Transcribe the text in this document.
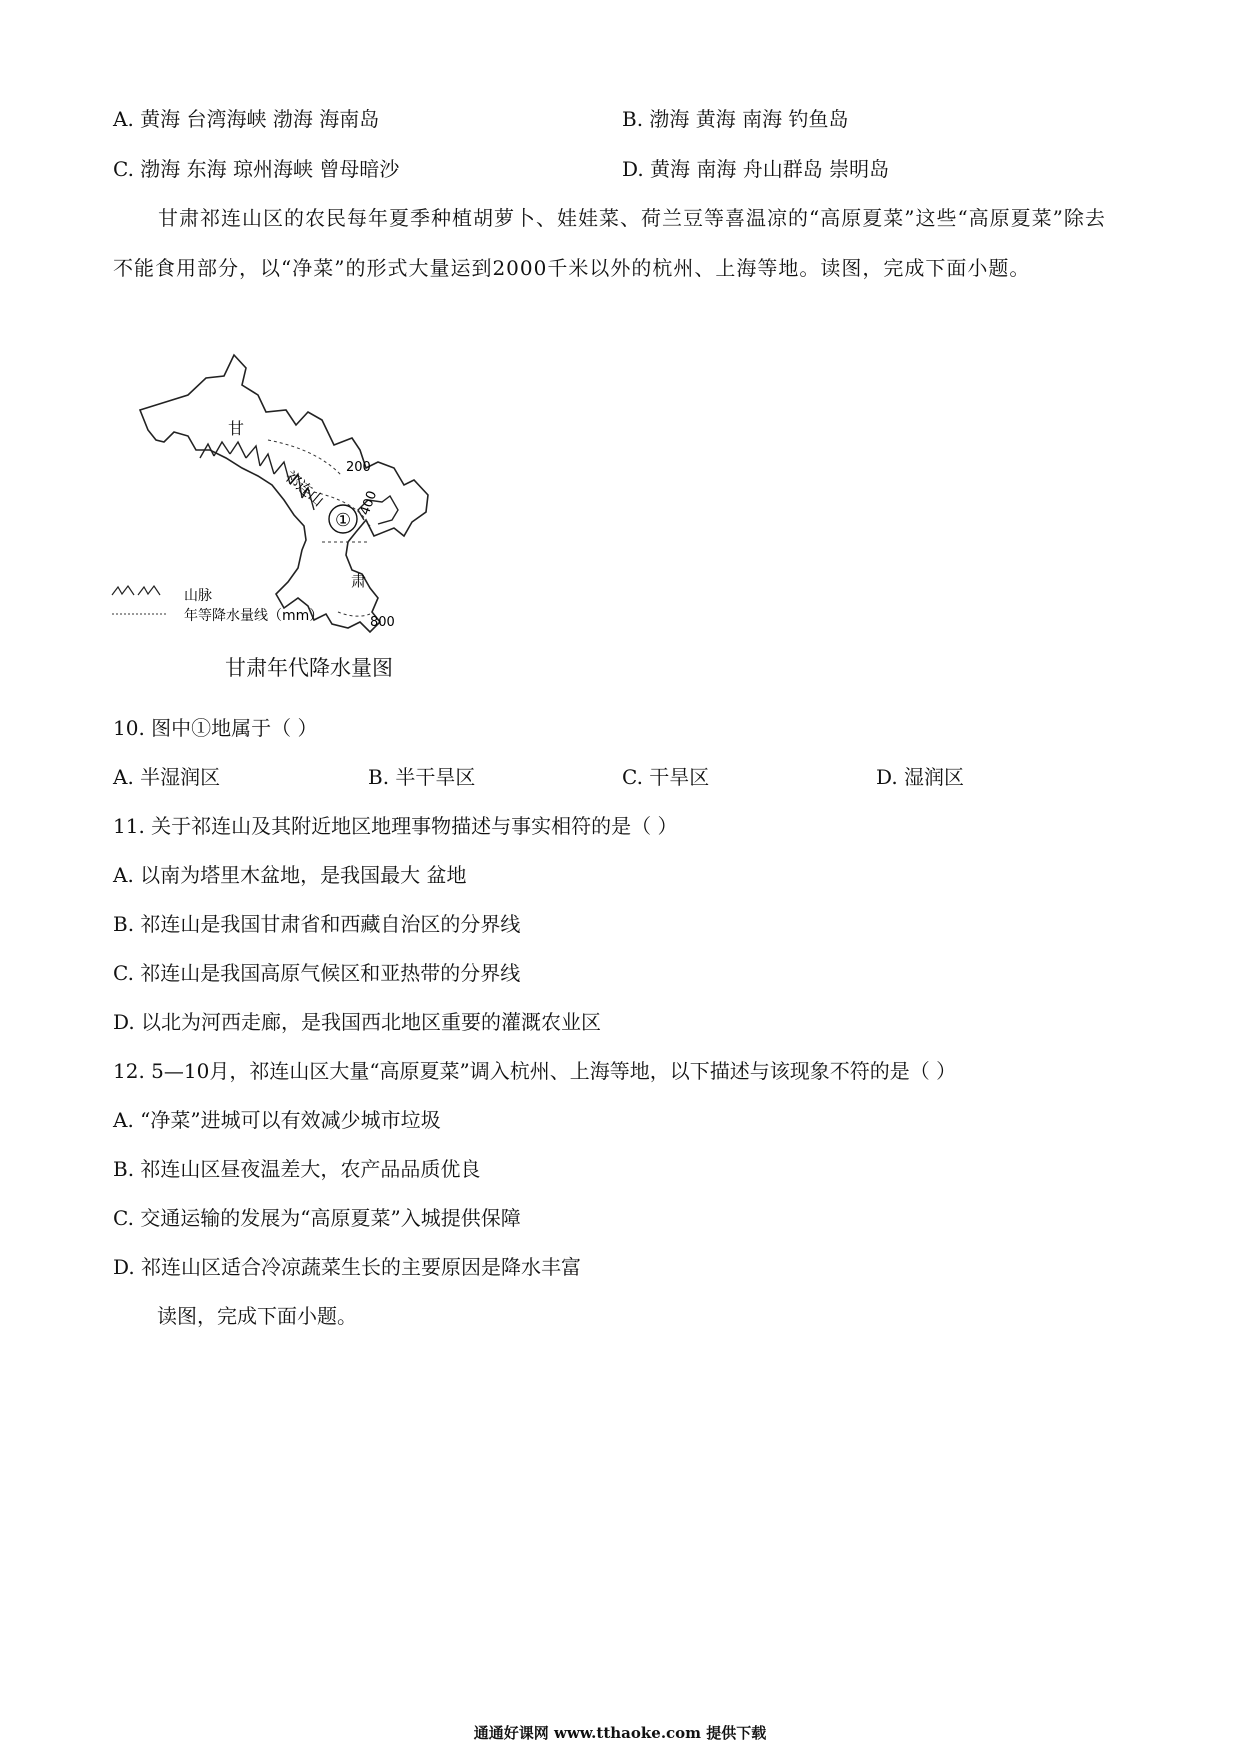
A. 黄海 台湾海峡 渤海 海南岛	B. 渤海 黄海 南海 钓鱼岛
C. 渤海 东海 琼州海峡 曾母暗沙	D. 黄海 南海 舟山群岛 崇明岛
甘肃祁连山区的农民每年夏季种植胡萝卜、娃娃菜、荷兰豆等喜温凉的“高原夏菜”这些“高原夏菜”除去不能食用部分，以“净菜”的形式大量运到2000千米以外的杭州、上海等地。读图，完成下面小题。
甘
肃
祁连山
①
200
400
800
山脉
年等降水量线（mm）
甘肃年代降水量图
10. 图中①地属于（ ）
A. 半湿润区	B. 半干旱区	C. 干旱区	D. 湿润区
11. 关于祁连山及其附近地区地理事物描述与事实相符的是（ ）
A. 以南为塔里木盆地，是我国最大 盆地
B. 祁连山是我国甘肃省和西藏自治区的分界线
C. 祁连山是我国高原气候区和亚热带的分界线
D. 以北为河西走廊，是我国西北地区重要的灌溉农业区
12. 5—10月，祁连山区大量“高原夏菜”调入杭州、上海等地，以下描述与该现象不符的是（ ）
A. “净菜”进城可以有效减少城市垃圾
B. 祁连山区昼夜温差大，农产品品质优良
C. 交通运输的发展为“高原夏菜”入城提供保障
D. 祁连山区适合冷凉蔬菜生长的主要原因是降水丰富
读图，完成下面小题。
通通好课网 www.tthaoke.com 提供下载
